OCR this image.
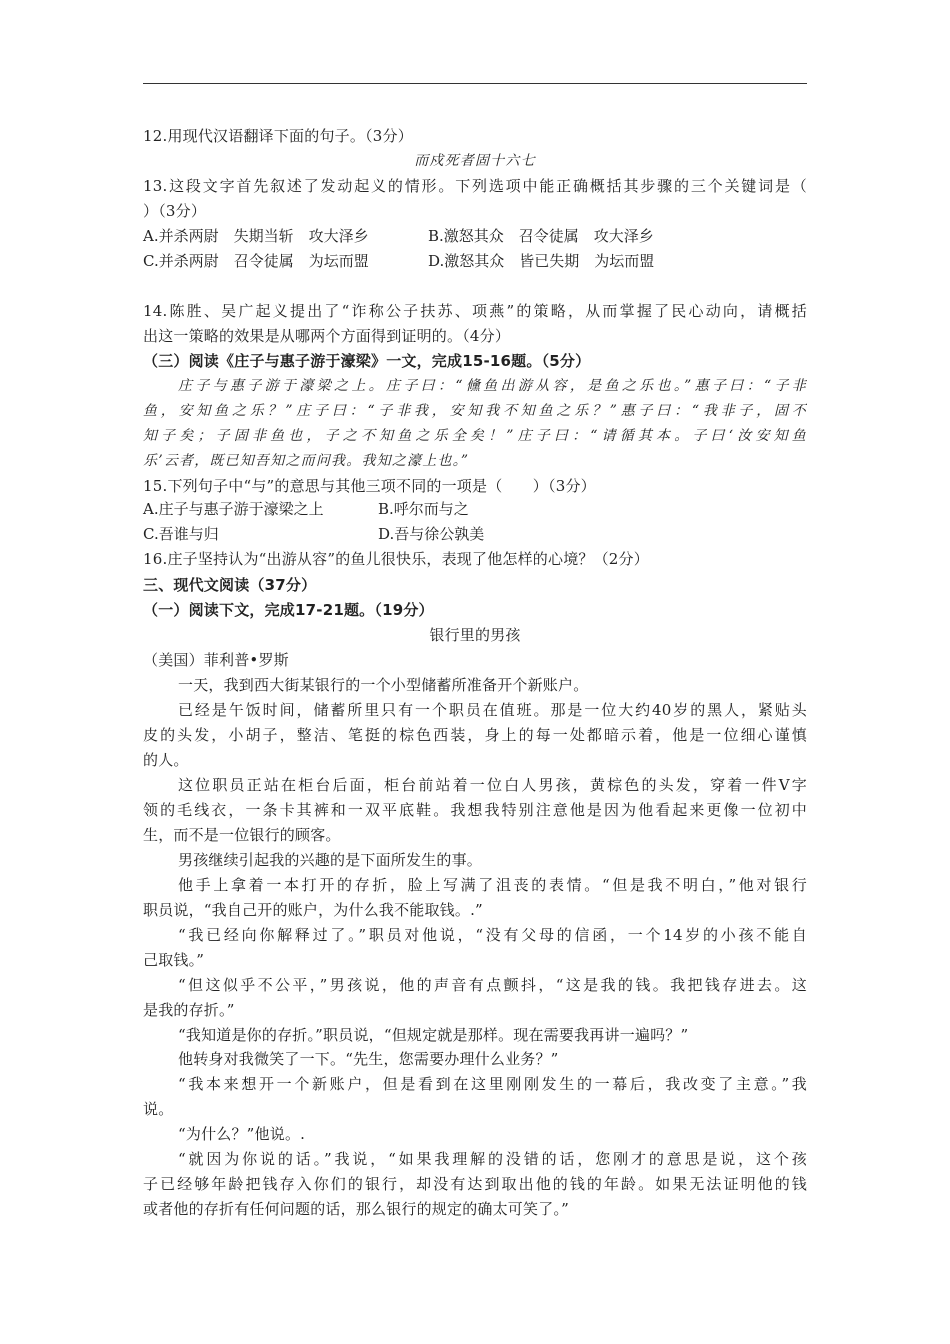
12.用现代汉语翻译下面的句子。（3分）
而戍死者固十六七
13.这段文字首先叙述了发动起义的情形。下列选项中能正确概括其步骤的三个关键词是（
）（3分）
A.并杀两尉　失期当斩　攻大泽乡	B.激怒其众　召令徒属　攻大泽乡
C.并杀两尉　召令徒属　为坛而盟	D.激怒其众　皆已失期　为坛而盟
14.陈胜、吴广起义提出了“诈称公子扶苏、项燕”的策略，从而掌握了民心动向，请概括
出这一策略的效果是从哪两个方面得到证明的。（4分）
（三）阅读《庄子与惠子游于濠梁》一文，完成15-16题。（5分）
庄子与惠子游于濠梁之上。庄子曰：“儵鱼出游从容，是鱼之乐也。”惠子曰：“子非
鱼，安知鱼之乐？”庄子曰：“子非我，安知我不知鱼之乐？”惠子曰：“我非子，固不
知子矣；子固非鱼也，子之不知鱼之乐全矣！”庄子曰：“请循其本。子曰‘汝安知鱼
乐’云者，既已知吾知之而问我。我知之濠上也。”
15.下列句子中“与”的意思与其他三项不同的一项是（　　）（3分）
A.庄子与惠子游于濠梁之上	B.呼尔而与之
C.吾谁与归	D.吾与徐公孰美
16.庄子坚持认为“出游从容”的鱼儿很快乐，表现了他怎样的心境？（2分）
三、现代文阅读（37分）
（一）阅读下文，完成17-21题。（19分）
银行里的男孩
（美国）菲利普•罗斯
一天，我到西大街某银行的一个小型储蓄所准备开个新账户。
已经是午饭时间，储蓄所里只有一个职员在值班。那是一位大约40岁的黑人，紧贴头
皮的头发，小胡子，整洁、笔挺的棕色西装，身上的每一处都暗示着，他是一位细心谨慎
的人。
这位职员正站在柜台后面，柜台前站着一位白人男孩，黄棕色的头发，穿着一件V字
领的毛线衣，一条卡其裤和一双平底鞋。我想我特别注意他是因为他看起来更像一位初中
生，而不是一位银行的顾客。
男孩继续引起我的兴趣的是下面所发生的事。
他手上拿着一本打开的存折，脸上写满了沮丧的表情。“但是我不明白，”他对银行
职员说，“我自己开的账户，为什么我不能取钱。.”
“我已经向你解释过了。”职员对他说，“没有父母的信函，一个14岁的小孩不能自
己取钱。”
“但这似乎不公平，”男孩说，他的声音有点颤抖，“这是我的钱。我把钱存进去。这
是我的存折。”
“我知道是你的存折。”职员说，“但规定就是那样。现在需要我再讲一遍吗？”
他转身对我微笑了一下。“先生，您需要办理什么业务？”
“我本来想开一个新账户，但是看到在这里刚刚发生的一幕后，我改变了主意。”我
说。
“为什么？”他说。.
“就因为你说的话。”我说，“如果我理解的没错的话，您刚才的意思是说，这个孩
子已经够年龄把钱存入你们的银行，却没有达到取出他的钱的年龄。如果无法证明他的钱
或者他的存折有任何问题的话，那么银行的规定的确太可笑了。”
